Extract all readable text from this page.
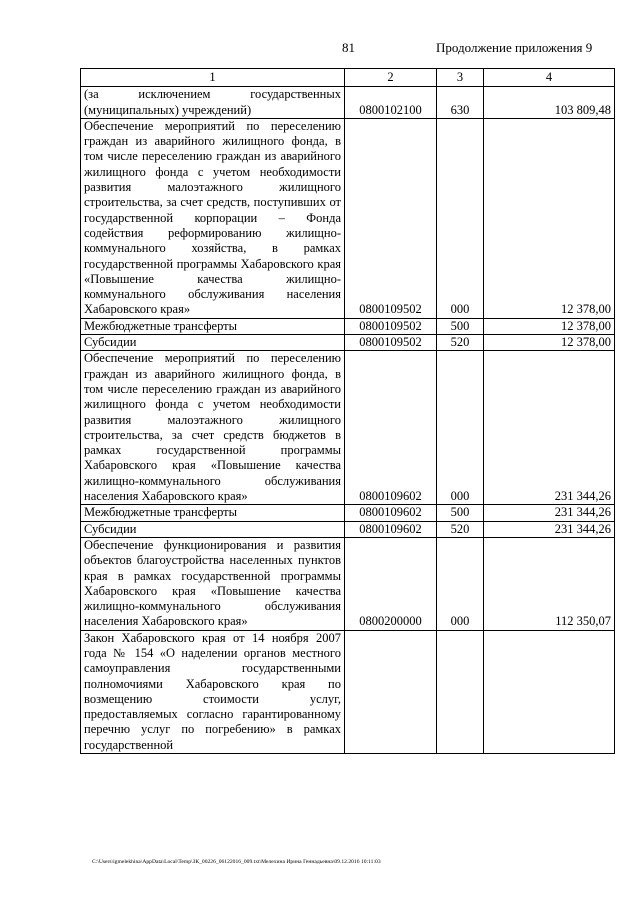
81	Продолжение приложения 9
1	2	3	4
(за исключением государственных (муниципальных) учреждений)	0800102100	630	103 809,48
Обеспечение мероприятий по переселению граждан из аварийного жилищного фонда, в том числе переселению граждан из аварийного жилищного фонда с учетом необходимости развития малоэтажного жилищного строительства, за счет средств, поступивших от государственной корпорации – Фонда содействия реформированию жилищно-коммунального хозяйства, в рамках государственной программы Хабаровского края «Повышение качества жилищно-коммунального обслуживания населения Хабаровского края»	0800109502	000	12 378,00
Межбюджетные трансферты	0800109502	500	12 378,00
Субсидии	0800109502	520	12 378,00
Обеспечение мероприятий по переселению граждан из аварийного жилищного фонда, в том числе переселению граждан из аварийного жилищного фонда с учетом необходимости развития малоэтажного жилищного строительства, за счет средств бюджетов в рамках государственной программы Хабаровского края «Повышение качества жилищно-коммунального обслуживания населения Хабаровского края»	0800109602	000	231 344,26
Межбюджетные трансферты	0800109602	500	231 344,26
Субсидии	0800109602	520	231 344,26
Обеспечение функционирования и развития объектов благоустройства населенных пунктов края в рамках государственной программы Хабаровского края «Повышение качества жилищно-коммунального обслуживания населения Хабаровского края»	0800200000	000	112 350,07
Закон Хабаровского края от 14 ноября 2007 года № 154 «О наделении органов местного самоуправления государственными полномочиями Хабаровского края по возмещению стоимости услуг, предоставляемых согласно гарантированному перечню услуг по погребению» в рамках государственной			
C:\Users\igmelekhina\AppData\Local\Temp\ЗК_00226_06122016_009.txt\Мелехина Ирина Геннадьевна\09.12.2016 10:11:03
